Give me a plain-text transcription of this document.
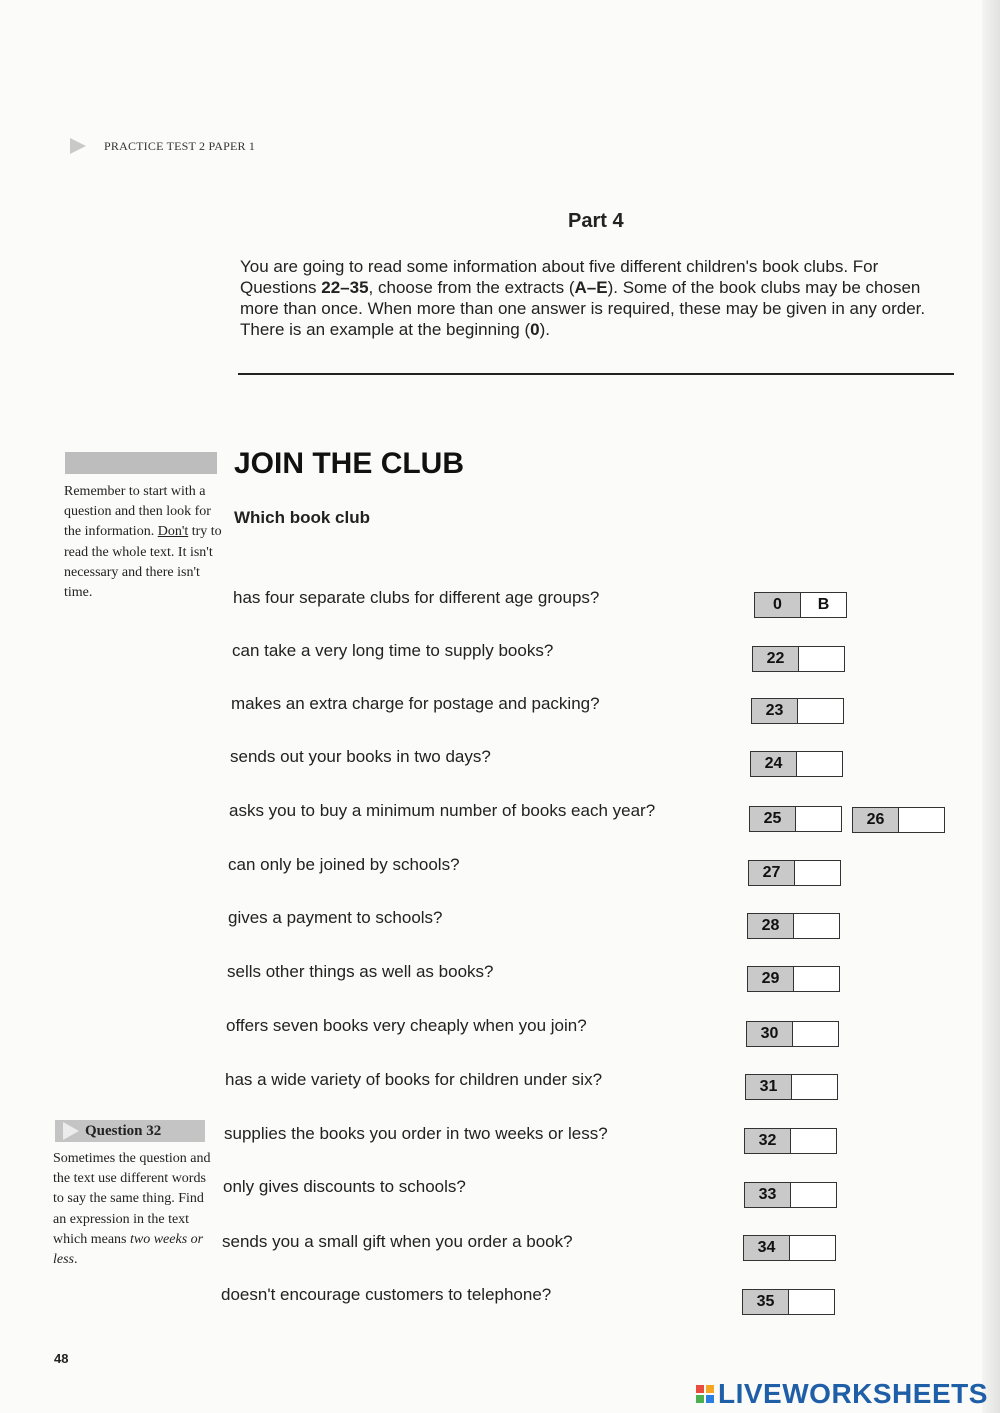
PRACTICE TEST 2 PAPER 1
Part 4
You are going to read some information about five different children's book clubs. For Questions 22–35, choose from the extracts (A–E). Some of the book clubs may be chosen more than once. When more than one answer is required, these may be given in any order. There is an example at the beginning (0).
Remember to start with a question and then look for the information. Don't try to read the whole text. It isn't necessary and there isn't time.
Question 32
Sometimes the question and the text use different words to say the same thing. Find an expression in the text which means two weeks or less.
JOIN THE CLUB
Which book club
has four separate clubs for different age groups?	0	B
can take a very long time to supply books?	22
makes an extra charge for postage and packing?	23
sends out your books in two days?	24
asks you to buy a minimum number of books each year?	25	26
can only be joined by schools?	27
gives a payment to schools?	28
sells other things as well as books?	29
offers seven books very cheaply when you join?	30
has a wide variety of books for children under six?	31
supplies the books you order in two weeks or less?	32
only gives discounts to schools?	33
sends you a small gift when you order a book?	34
doesn't encourage customers to telephone?	35
48
LIVEWORKSHEETS
